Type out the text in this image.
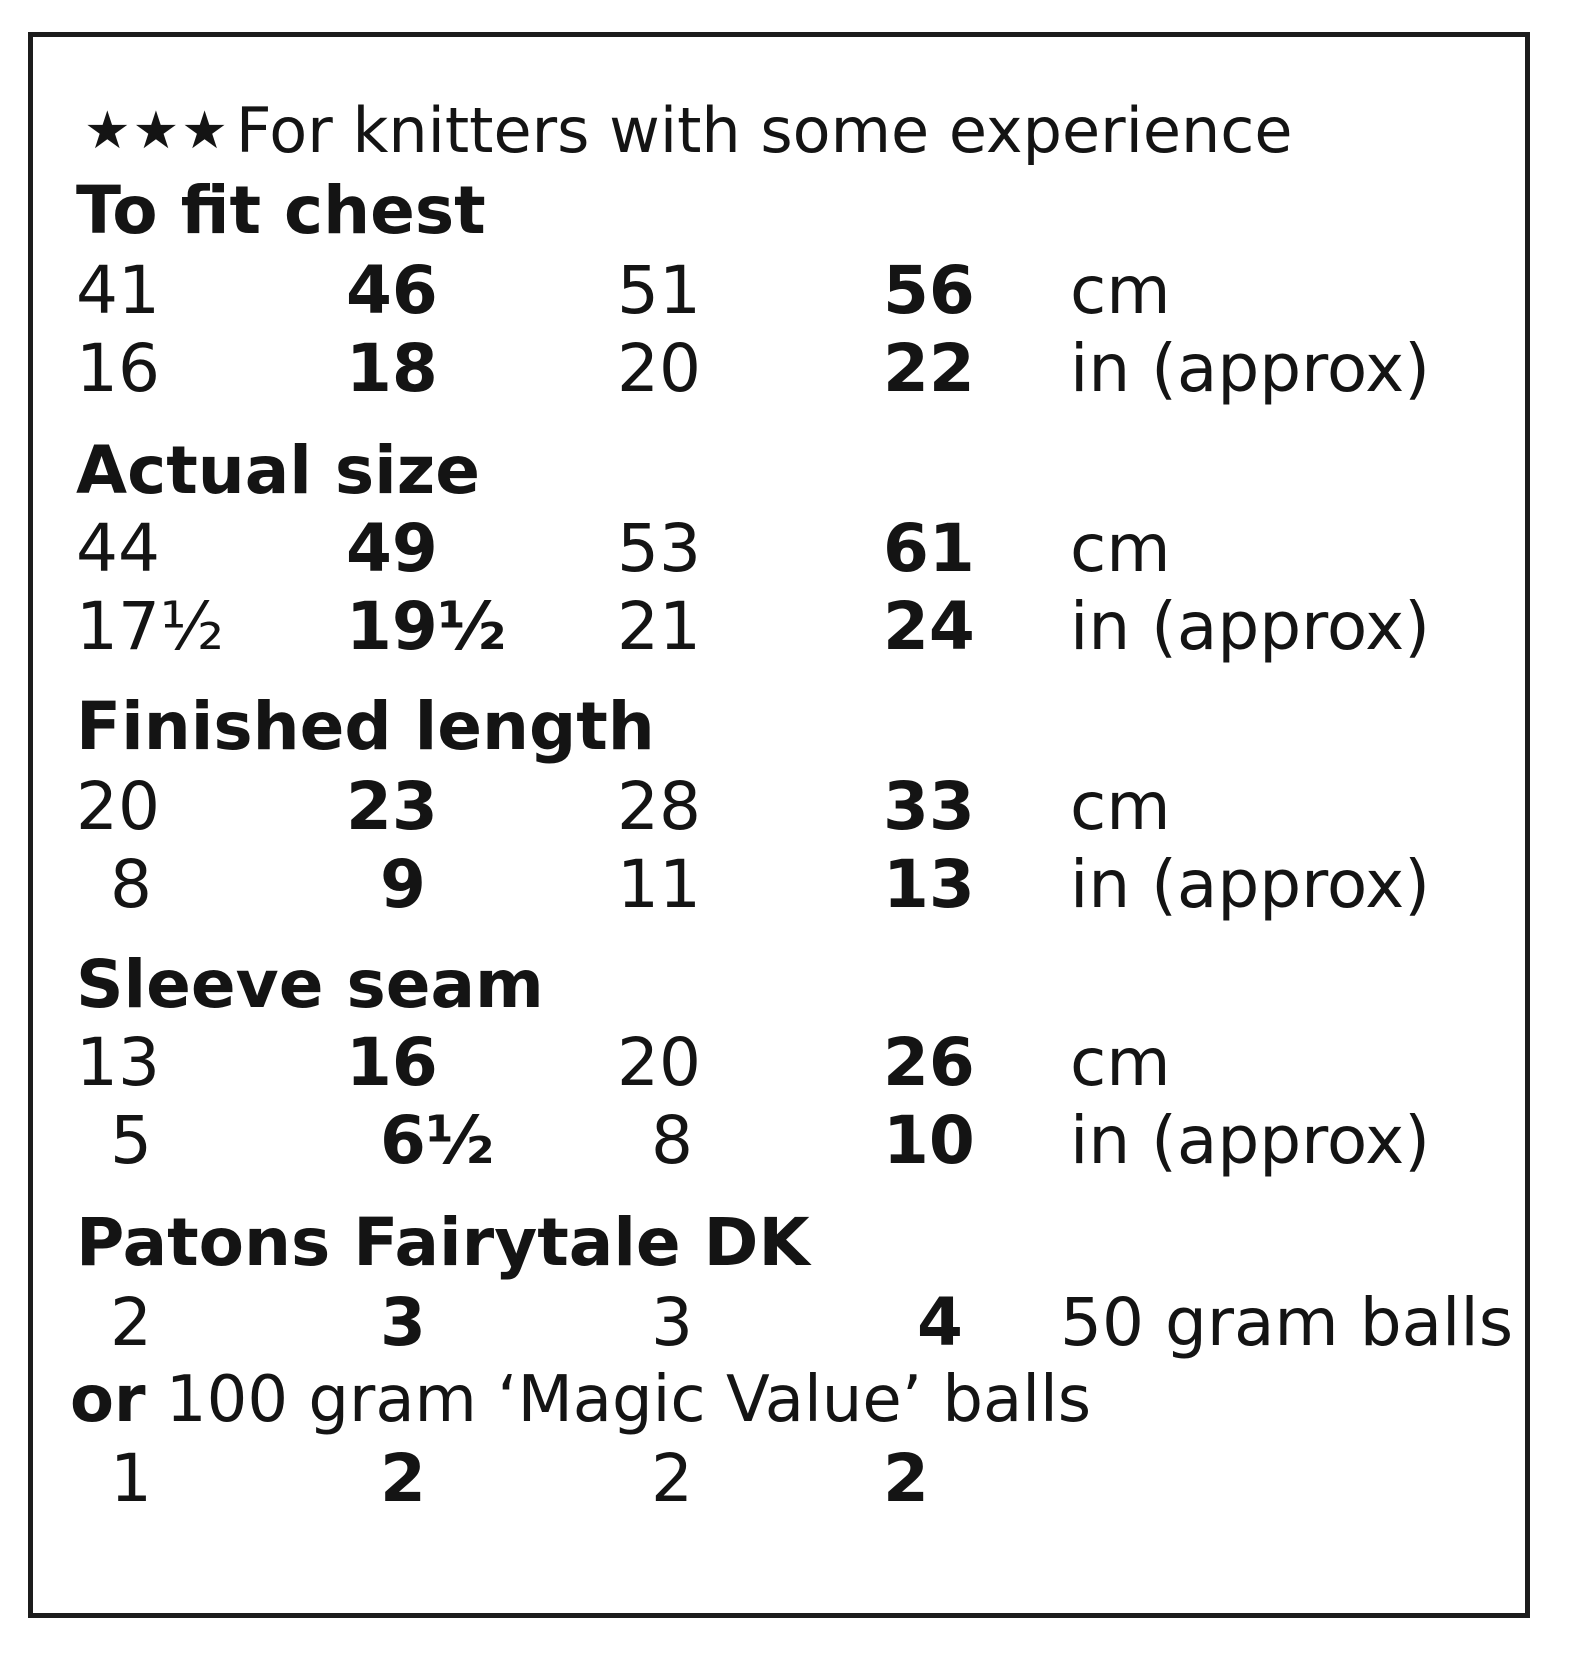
★★★For knitters with some experience
To fit chest
41	46	51	56 cm
16	18	20	22 in (approx)
Actual size
44	49	53	61 cm
17½ 19½ 21	24 in (approx)
Finished length
20	23	28	33 cm
8	9	11	13 in (approx)
Sleeve seam
13	16	20	26 cm
5	6½	8	10 in (approx)
Patons Fairytale DK
2	3	3	4 50 gram balls
or 100 gram ‘Magic Value’ balls
1	2	2	2
